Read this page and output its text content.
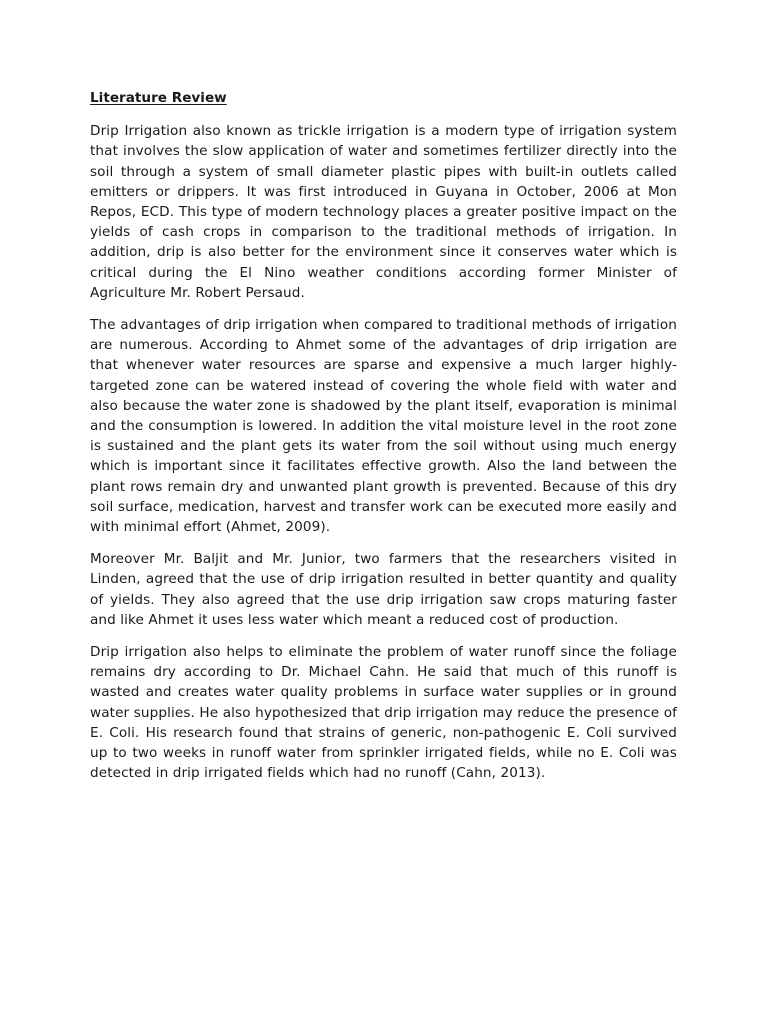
Literature Review

Drip Irrigation also known as trickle irrigation is a modern type of irrigation system that involves the slow application of water and sometimes fertilizer directly into the soil through a system of small diameter plastic pipes with built-in outlets called emitters or drippers. It was first introduced in Guyana in October, 2006 at Mon Repos, ECD. This type of modern technology places a greater positive impact on the yields of cash crops in comparison to the traditional methods of irrigation. In addition, drip is also better for the environment since it conserves water which is critical during the El Nino weather conditions according former Minister of Agriculture Mr. Robert Persaud.

The advantages of drip irrigation when compared to traditional methods of irrigation are numerous. According to Ahmet some of the advantages of drip irrigation are that whenever water resources are sparse and expensive a much larger highly-targeted zone can be watered instead of covering the whole field with water and also because the water zone is shadowed by the plant itself, evaporation is minimal and the consumption is lowered. In addition the vital moisture level in the root zone is sustained and the plant gets its water from the soil without using much energy which is important since it facilitates effective growth. Also the land between the plant rows remain dry and unwanted plant growth is prevented. Because of this dry soil surface, medication, harvest and transfer work can be executed more easily and with minimal effort (Ahmet, 2009).

Moreover Mr. Baljit and Mr. Junior, two farmers that the researchers visited in Linden, agreed that the use of drip irrigation resulted in better quantity and quality of yields. They also agreed that the use drip irrigation saw crops maturing faster and like Ahmet it uses less water which meant a reduced cost of production.

Drip irrigation also helps to eliminate the problem of water runoff since the foliage remains dry according to Dr. Michael Cahn. He said that much of this runoff is wasted and creates water quality problems in surface water supplies or in ground water supplies. He also hypothesized that drip irrigation may reduce the presence of E. Coli. His research found that strains of generic, non-pathogenic E. Coli survived up to two weeks in runoff water from sprinkler irrigated fields, while no E. Coli was detected in drip irrigated fields which had no runoff (Cahn, 2013).
